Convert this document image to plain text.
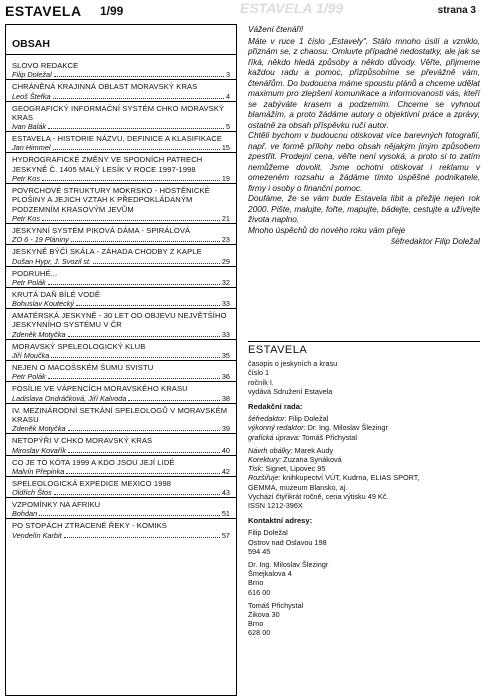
ESTAVELA 1/99	ESTAVELA 1/99	strana 3
OBSAH
SLOVO REDAKCE
Filip Doležal	3
CHRÁNĚNÁ KRAJINNÁ OBLAST MORAVSKÝ KRAS
Leoš Štefka	4
GEOGRAFICKÝ INFORMAČNÍ SYSTÉM CHKO MORAVSKÝ KRAS
Ivan Balák	5
ESTAVELA - HISTORIE NÁZVU, DEFINICE A KLASIFIKACE
Jan Himmel	15
HYDROGRAFICKÉ ZMĚNY VE SPODNÍCH PATRECH JESKYNĚ Č. 1405 MALÝ LESÍK V ROCE 1997-1998
Petr Kos	19
POVRCHOVÉ STRUKTURY MOKRSKO - HOSTĚNICKÉ PLOŠINY A JEJICH VZTAH K PŘEDPOKLÁDANÝM PODZEMNÍM KRASOVÝM JEVŮM
Petr Kos	21
JESKYNNÍ SYSTÉM PIKOVÁ DÁMA - SPIRÁLOVÁ
ZO 6 - 19 Plániny	23
JESKYNĚ BÝČÍ SKÁLA - ZÁHADA CHODBY Z KAPLE
Dušan Hypr, J. Svozil st.	29
PODRUHÉ...
Petr Polák	32
KRUTÁ DAŇ BÍLÉ VODĚ
Bohuslav Koutecký	33
AMATÉRSKÁ JESKYNĚ - 30 LET OD OBJEVU NEJVĚTŠÍHO JESKYNNÍHO SYSTÉMU V ČR
Zdeněk Motyčka	33
MORAVSKÝ SPELEOLOGICKÝ KLUB
Jiří Moučka	35
NEJEN O MACOŠSKÉM ŠUMU SVISTU
Petr Polák	36
FOSÍLIE VE VÁPENCÍCH MORAVSKÉHO KRASU
Ladislava Ondráčková, Jiří Kalvoda	38
IV. MEZINÁRODNÍ SETKÁNÍ SPELEOLOGŮ V MORAVSKÉM KRASU
Zdeněk Motyčka	39
NETOPÝŘI V CHKO MORAVSKÝ KRAS
Miroslav Kovařík	40
CO JE TO KÓTA 1999 A KDO JSOU JEJÍ LIDÉ
Malvín Přepinka	42
SPELEOLOGICKÁ EXPEDICE MEXICO 1998
Oldřich Štos	43
VZPOMÍNKY NA AFRIKU
Bohdan	51
PO STOPÁCH ZTRACENÉ ŘEKY - KOMIKS
Vendelín Karbit	57

Vážení čtenáři!

Máte v ruce 1 číslo „Estavely". Stálo mnoho úsilí a vzniklo, přiznám se, z chaosu. Omluvte případné nedostatky, ale jak se říká, někdo hledá způsoby a někdo důvody. Věřte, přijmeme každou radu a pomoc, přizpůsobíme se převážně vám, čtenářům. Do budoucna máme spoustu plánů a chceme udělat maximum pro zlepšení komunikace a informovanosti vás, kteří se zabýváte krasem a podzemím. Chceme se vyhnout blamážím, a proto žádáme autory o objektivní práce a zprávy, ostatně za obsah příspěvku ručí autor.

Chtěli bychom v budoucnu otiskovat více barevných fotografií, např. ve formě přílohy nebo obsah nějakým jiným způsobem zpestřit. Prodejní cena, věřte není vysoká, a proto si to zatím nemůžeme dovolit. Jsme ochotni otiskovat i reklamu v omezeném rozsahu a žádáme tímto úspěšné podnikatele, firmy i osoby o finanční pomoc.

Doufáme, že se vám bude Estavela líbit a přežije nejen rok 2000. Pište, malujte, fořte, mapujte, bádejte, cestujte a užívejte života naplno.

Mnoho úspěchů do nového roku vám přeje

šéfredaktor Filip Doležal

ESTAVELA
časopis o jeskyních a krasu
číslo 1
ročník I.
vydává Sdružení Estavela
Redakční rada:
šéfredaktor: Filip Doležal
výkonný redaktor: Dr. Ing. Miloslav Šlezingr
grafická úprava: Tomáš Přichystal
Návrh obálky: Marek Audy
Korektury: Zuzana Synáková
Tisk: Signet, Lipovec 95
Rozšiřuje: knihkupectví VÚT, Kudrna, ELIAS SPORT,
GEMMA, muzeum Blansko, aj.
Vychází čtyřikrát ročně, cena výtisku 49 Kč.
ISSN 1212-396X
Kontaktní adresy:
Filip Doležal
Ostrov nad Oslavou 198
594 45
Dr. Ing. Miloslav Šlezingr
Šmejkalova 4
Brno
616 00
Tomáš Přichystal
Zikova 30
Brno
628 00
